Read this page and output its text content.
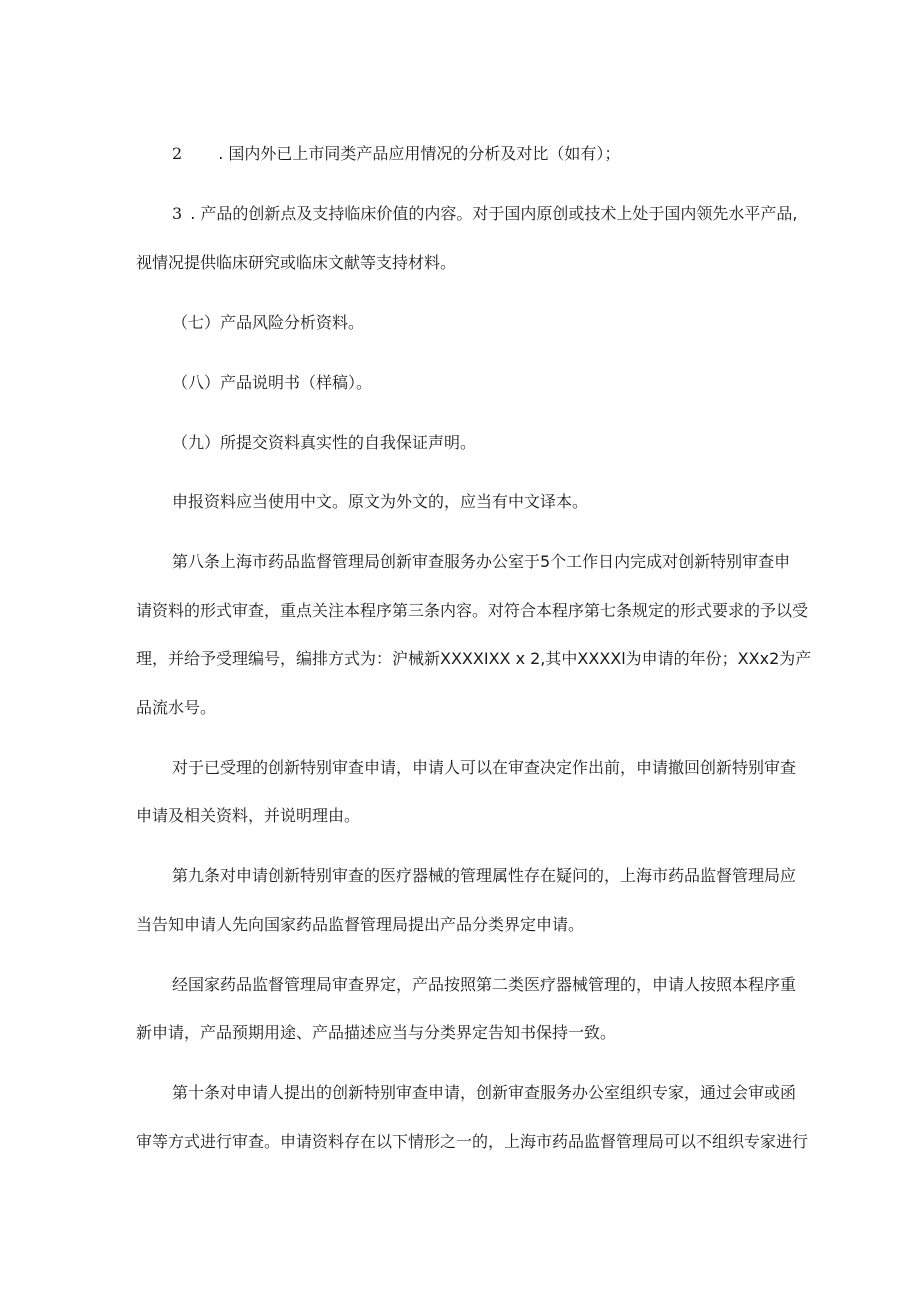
2 . 国内外已上市同类产品应用情况的分析及对比（如有）；
3 . 产品的创新点及支持临床价值的内容。对于国内原创或技术上处于国内领先水平产品,
视情况提供临床研究或临床文献等支持材料。
（七）产品风险分析资料。
（八）产品说明书（样稿）。
（九）所提交资料真实性的自我保证声明。
申报资料应当使用中文。原文为外文的，应当有中文译本。
第八条上海市药品监督管理局创新审查服务办公室于5个工作日内完成对创新特别审查申
请资料的形式审查，重点关注本程序第三条内容。对符合本程序第七条规定的形式要求的予以受
理，并给予受理编号，编排方式为：沪械新XXXXIXX x 2,其中XXXXl为申请的年份；XXx2为产
品流水号。
对于已受理的创新特别审查申请，申请人可以在审查决定作出前，申请撤回创新特别审查
申请及相关资料，并说明理由。
第九条对申请创新特别审查的医疗器械的管理属性存在疑问的，上海市药品监督管理局应
当告知申请人先向国家药品监督管理局提出产品分类界定申请。
经国家药品监督管理局审查界定，产品按照第二类医疗器械管理的，申请人按照本程序重
新申请，产品预期用途、产品描述应当与分类界定告知书保持一致。
第十条对申请人提出的创新特别审查申请，创新审查服务办公室组织专家，通过会审或函
审等方式进行审查。申请资料存在以下情形之一的，上海市药品监督管理局可以不组织专家进行
